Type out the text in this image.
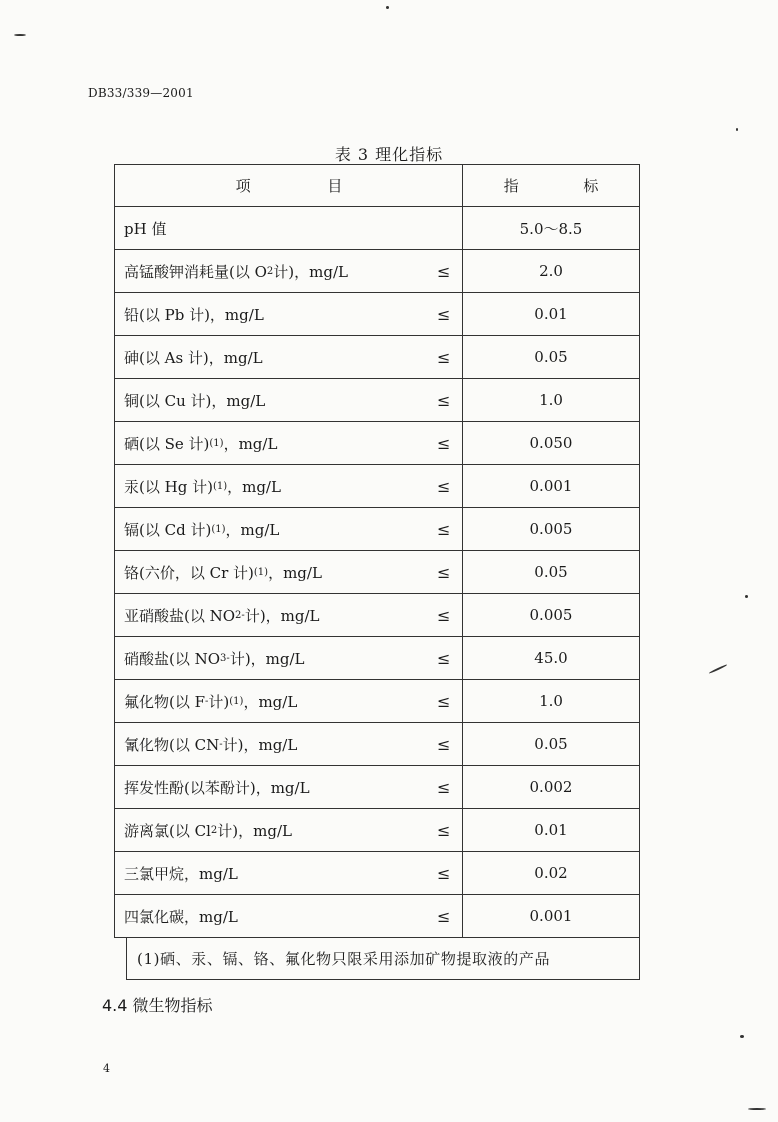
DB33/339—2001
表 3 理化指标
项 目	指 标
pH 值	5.0～8.5
高锰酸钾消耗量(以 O 2 计)，mg/L	≤	2.0
铅(以 Pb 计)，mg/L	≤	0.01
砷(以 As 计)，mg/L	≤	0.05
铜(以 Cu 计)，mg/L	≤	1.0
硒(以 Se 计) (1) ，mg/L	≤	0.050
汞(以 Hg 计) (1) ，mg/L	≤	0.001
镉(以 Cd 计) (1) ，mg/L	≤	0.005
铬(六价，以 Cr 计) (1) ，mg/L	≤	0.05
亚硝酸盐(以 NO 2 - 计)，mg/L	≤	0.005
硝酸盐(以 NO 3 - 计)，mg/L	≤	45.0
氟化物(以 F - 计) (1) ，mg/L	≤	1.0
氰化物(以 CN - 计)，mg/L	≤	0.05
挥发性酚(以苯酚计)，mg/L	≤	0.002
游离氯(以 Cl 2 计)，mg/L	≤	0.01
三氯甲烷，mg/L	≤	0.02
四氯化碳，mg/L	≤	0.001
(1)硒、汞、镉、铬、氟化物只限采用添加矿物提取液的产品
4.4 微生物指标
4
